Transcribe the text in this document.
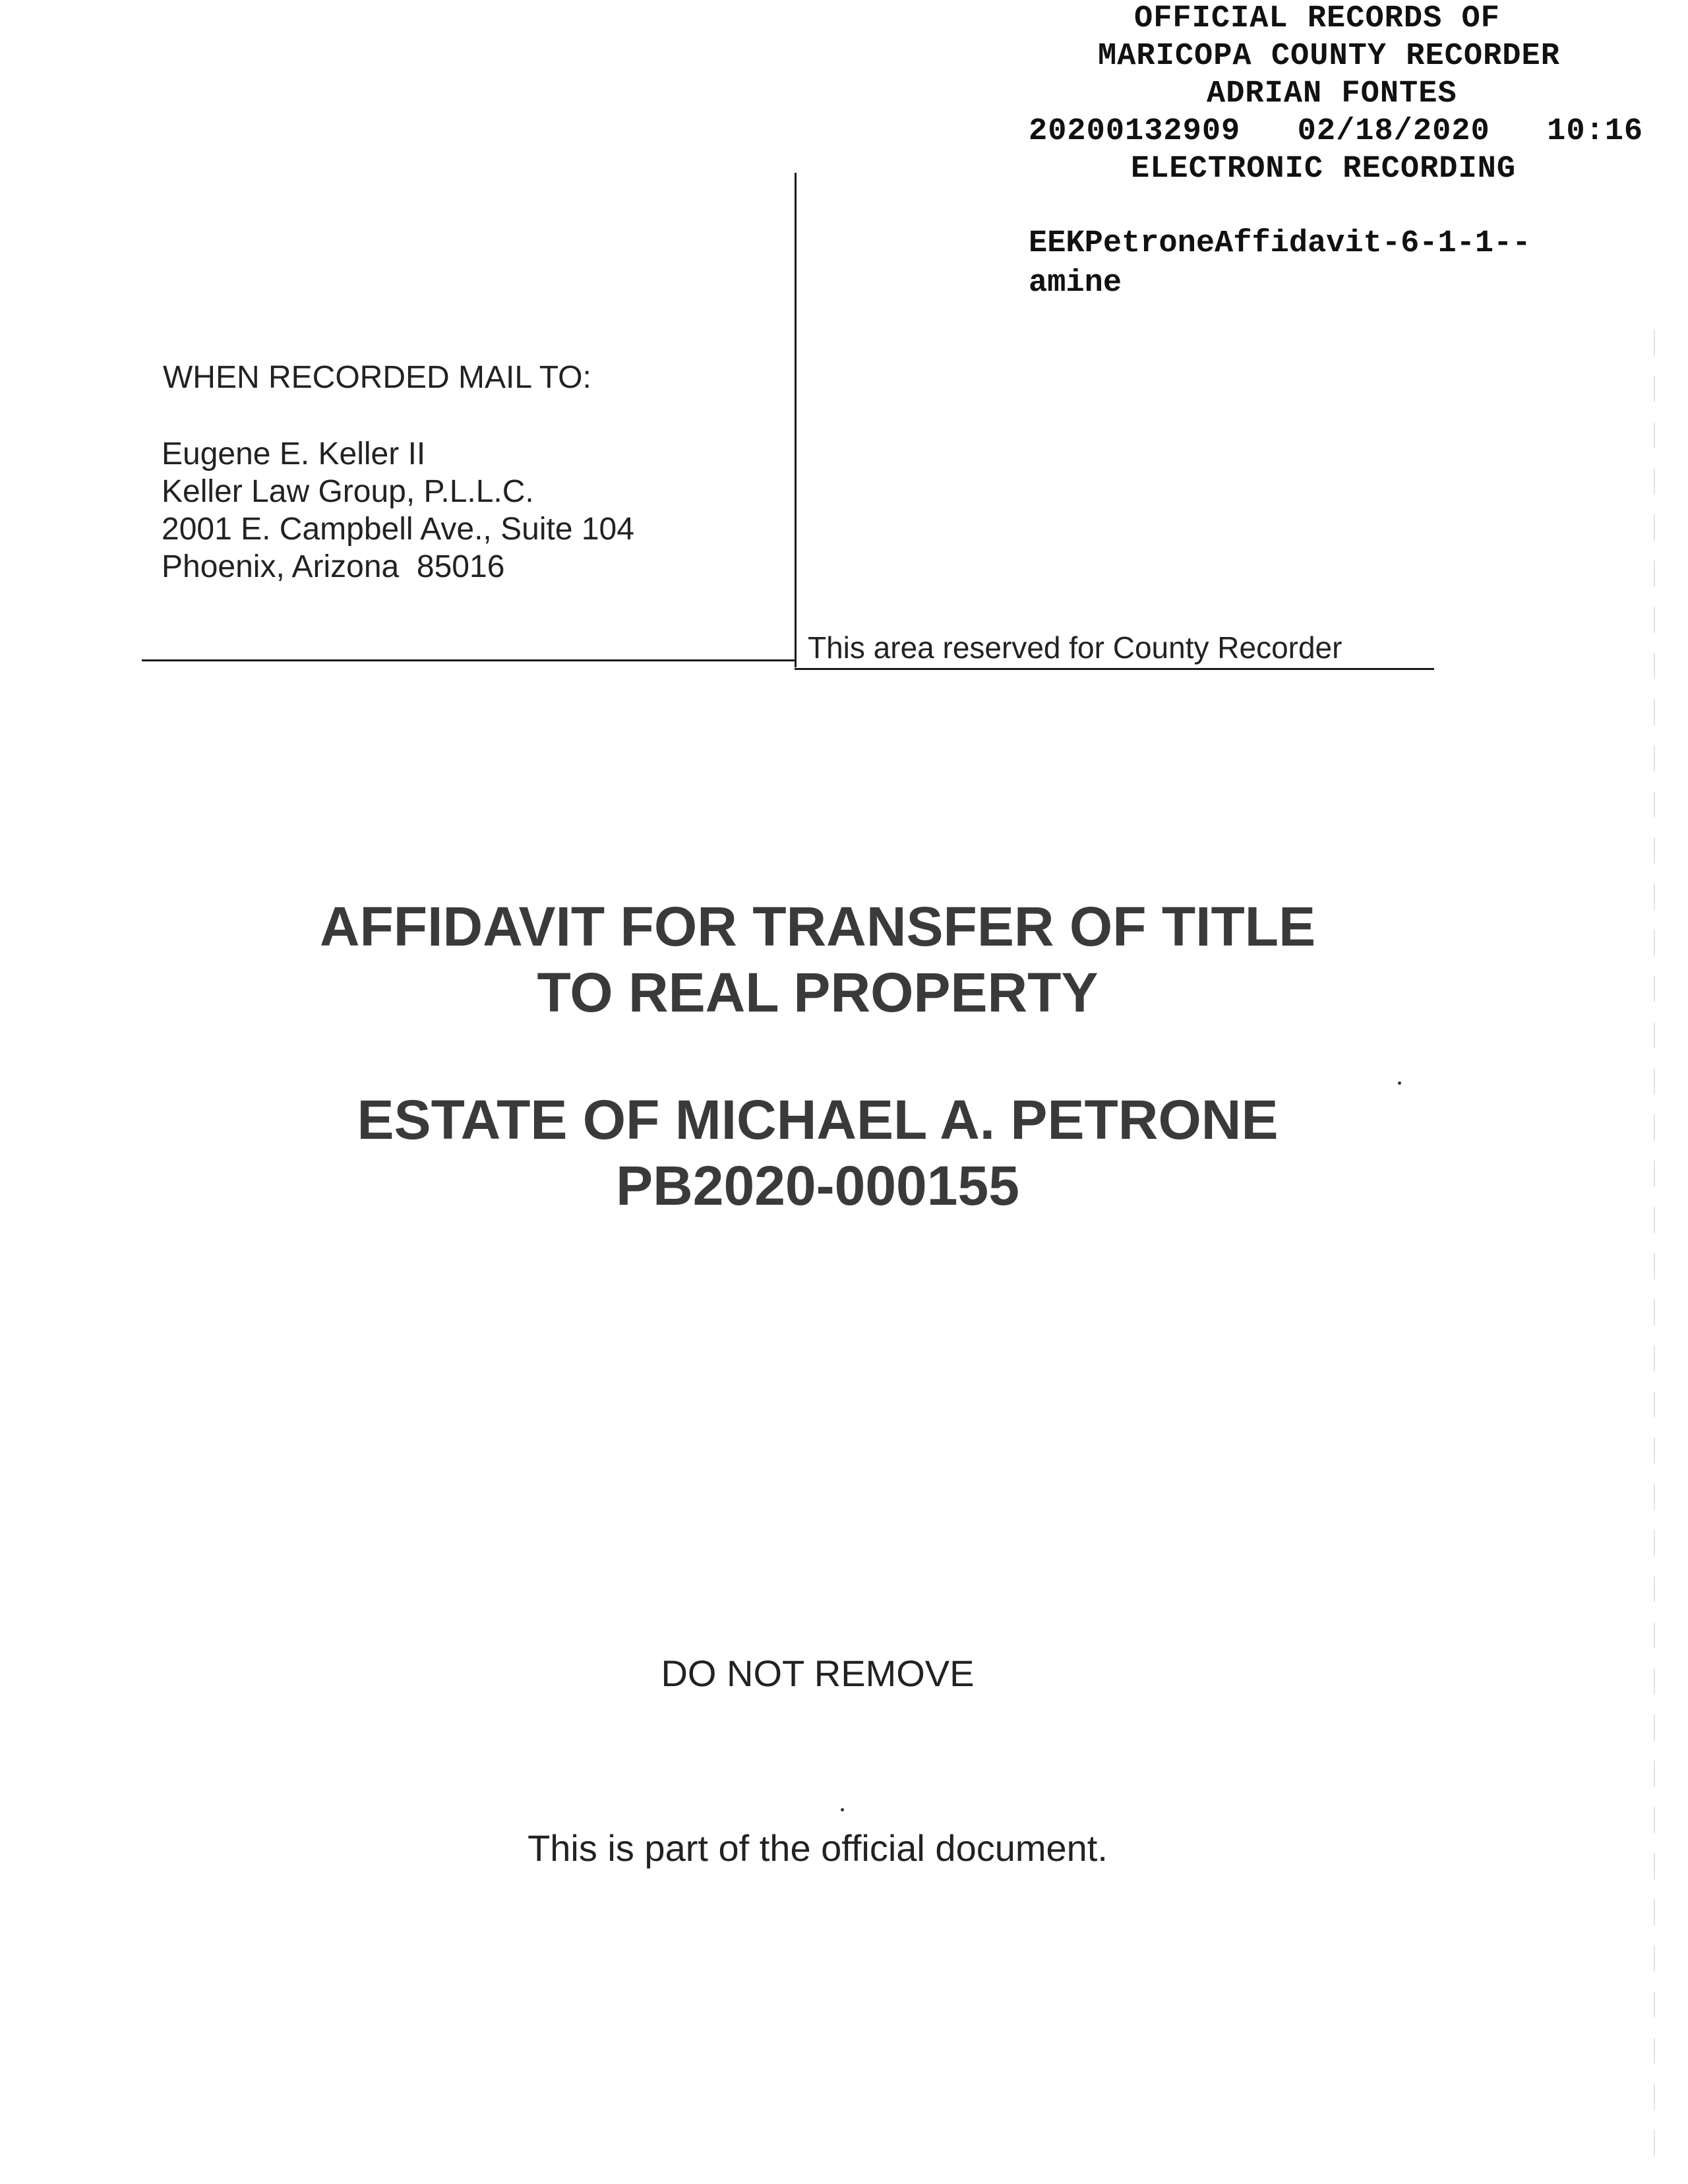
OFFICIAL RECORDS OF
MARICOPA COUNTY RECORDER
ADRIAN FONTES
20200132909  02/18/2020  10:16
ELECTRONIC RECORDING
EEKPetroneAffidavit-6-1-1--
amine
WHEN RECORDED MAIL TO:
Eugene E. Keller II
Keller Law Group, P.L.L.C.
2001 E. Campbell Ave., Suite 104
Phoenix, Arizona  85016
This area reserved for County Recorder
AFFIDAVIT FOR TRANSFER OF TITLE
TO REAL PROPERTY
ESTATE OF MICHAEL A. PETRONE
PB2020-000155
DO NOT REMOVE
This is part of the official document.
